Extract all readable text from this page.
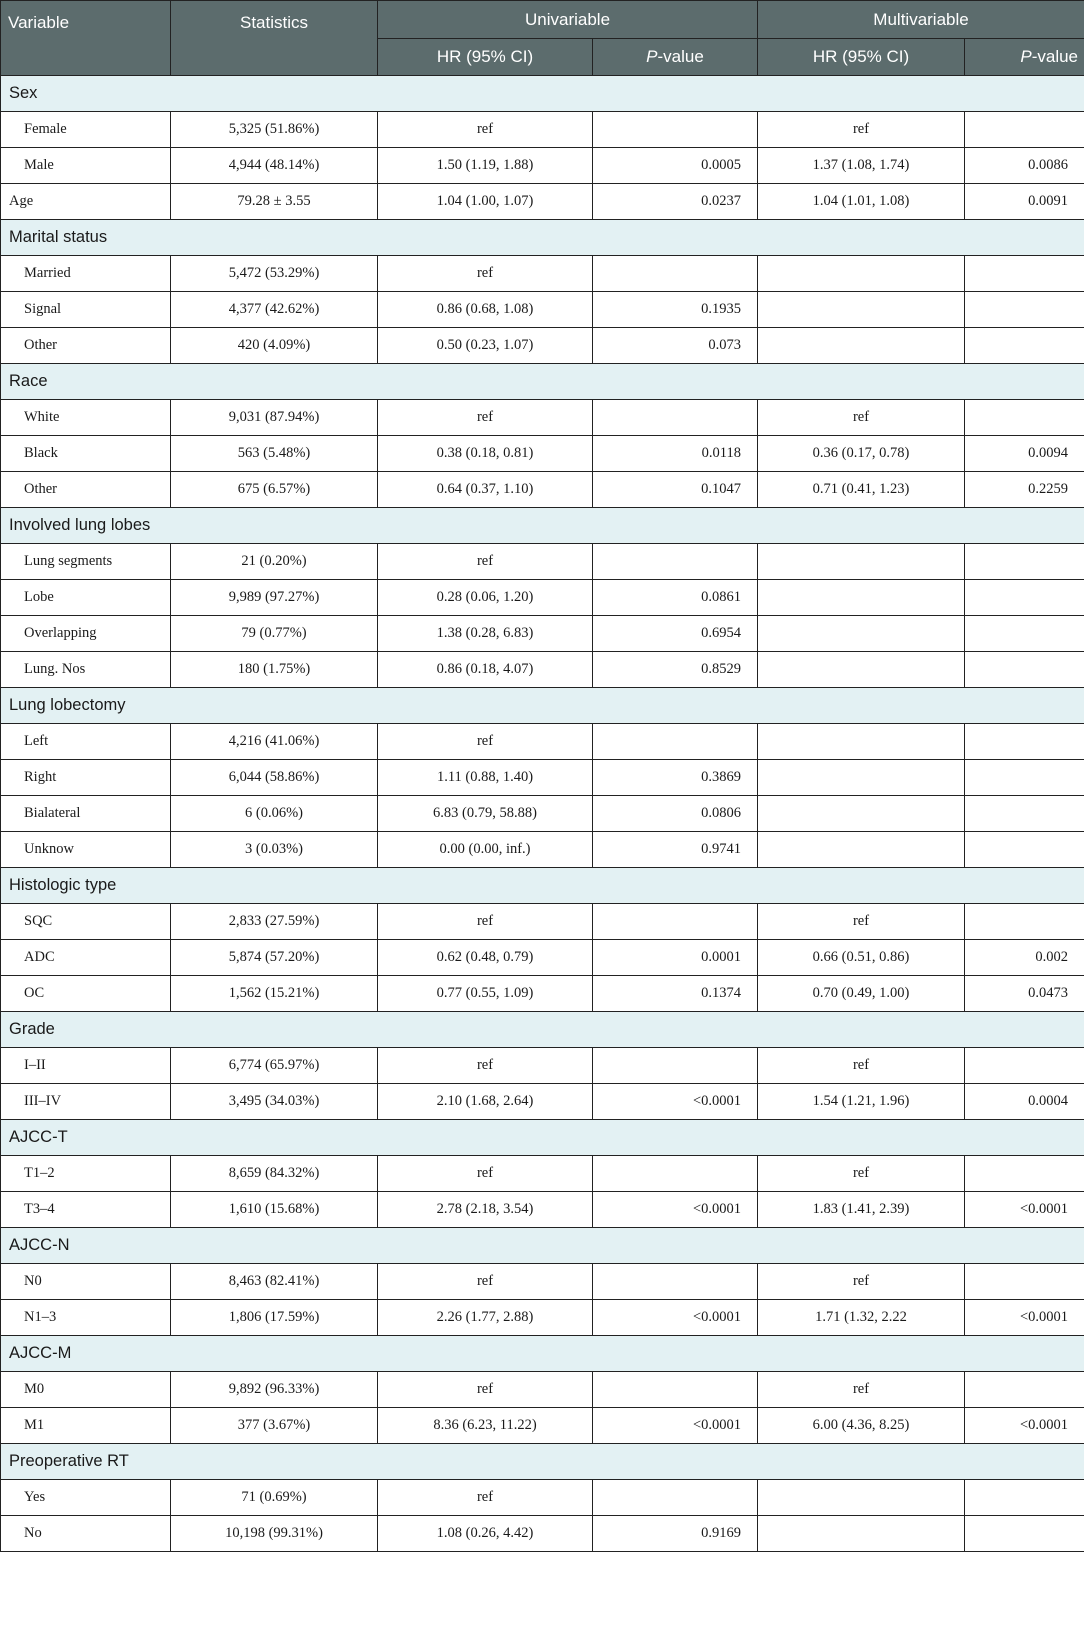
Variable	Statistics	Univariable		Multivariable	
		HR (95% CI)	P-value	HR (95% CI)	P-value
Sex					
Female	5,325 (51.86%)	ref		ref	
Male	4,944 (48.14%)	1.50 (1.19, 1.88)	0.0005	1.37 (1.08, 1.74)	0.0086
Age	79.28 ± 3.55	1.04 (1.00, 1.07)	0.0237	1.04 (1.01, 1.08)	0.0091
Marital status					
Married	5,472 (53.29%)	ref			
Signal	4,377 (42.62%)	0.86 (0.68, 1.08)	0.1935		
Other	420 (4.09%)	0.50 (0.23, 1.07)	0.073		
Race					
White	9,031 (87.94%)	ref		ref	
Black	563 (5.48%)	0.38 (0.18, 0.81)	0.0118	0.36 (0.17, 0.78)	0.0094
Other	675 (6.57%)	0.64 (0.37, 1.10)	0.1047	0.71 (0.41, 1.23)	0.2259
Involved lung lobes					
Lung segments	21 (0.20%)	ref			
Lobe	9,989 (97.27%)	0.28 (0.06, 1.20)	0.0861		
Overlapping	79 (0.77%)	1.38 (0.28, 6.83)	0.6954		
Lung. Nos	180 (1.75%)	0.86 (0.18, 4.07)	0.8529		
Lung lobectomy					
Left	4,216 (41.06%)	ref			
Right	6,044 (58.86%)	1.11 (0.88, 1.40)	0.3869		
Bialateral	6 (0.06%)	6.83 (0.79, 58.88)	0.0806		
Unknow	3 (0.03%)	0.00 (0.00, inf.)	0.9741		
Histologic type					
SQC	2,833 (27.59%)	ref		ref	
ADC	5,874 (57.20%)	0.62 (0.48, 0.79)	0.0001	0.66 (0.51, 0.86)	0.002
OC	1,562 (15.21%)	0.77 (0.55, 1.09)	0.1374	0.70 (0.49, 1.00)	0.0473
Grade					
I–II	6,774 (65.97%)	ref		ref	
III–IV	3,495 (34.03%)	2.10 (1.68, 2.64)	<0.0001	1.54 (1.21, 1.96)	0.0004
AJCC-T					
T1–2	8,659 (84.32%)	ref		ref	
T3–4	1,610 (15.68%)	2.78 (2.18, 3.54)	<0.0001	1.83 (1.41, 2.39)	<0.0001
AJCC-N					
N0	8,463 (82.41%)	ref		ref	
N1–3	1,806 (17.59%)	2.26 (1.77, 2.88)	<0.0001	1.71 (1.32, 2.22	<0.0001
AJCC-M					
M0	9,892 (96.33%)	ref		ref	
M1	377 (3.67%)	8.36 (6.23, 11.22)	<0.0001	6.00 (4.36, 8.25)	<0.0001
Preoperative RT					
Yes	71 (0.69%)	ref			
No	10,198 (99.31%)	1.08 (0.26, 4.42)	0.9169		
